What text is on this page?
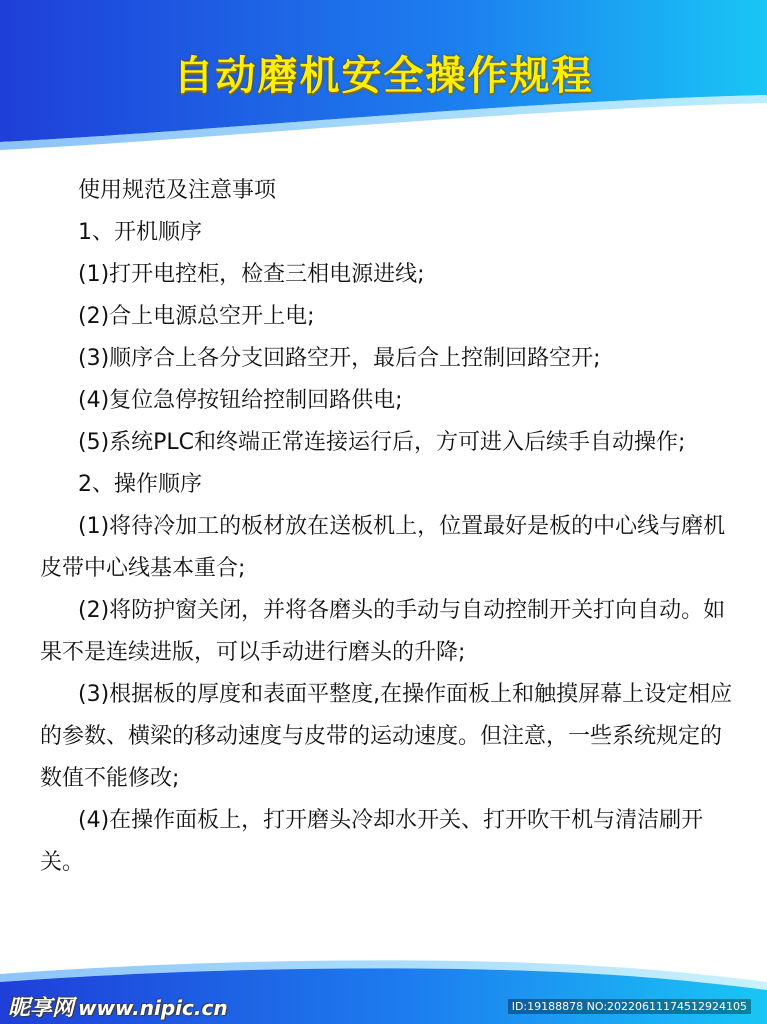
自动磨机安全操作规程

使用规范及注意事项

1、开机顺序

(1)打开电控柜，检查三相电源进线;

(2)合上电源总空开上电;

(3)顺序合上各分支回路空开，最后合上控制回路空开;

(4)复位急停按钮给控制回路供电;

(5)系统PLC和终端正常连接运行后，方可进入后续手自动操作;

2、操作顺序

(1)将待冷加工的板材放在送板机上，位置最好是板的中心线与磨机皮带中心线基本重合;

(2)将防护窗关闭，并将各磨头的手动与自动控制开关打向自动。如果不是连续进版，可以手动进行磨头的升降;

(3)根据板的厚度和表面平整度,在操作面板上和触摸屏幕上设定相应的参数、横梁的移动速度与皮带的运动速度。但注意，一些系统规定的数值不能修改;

(4)在操作面板上，打开磨头冷却水开关、打开吹干机与清洁刷开关。

昵享网 www.nipic.cn	ID:19188878 NO:20220611174512924105
